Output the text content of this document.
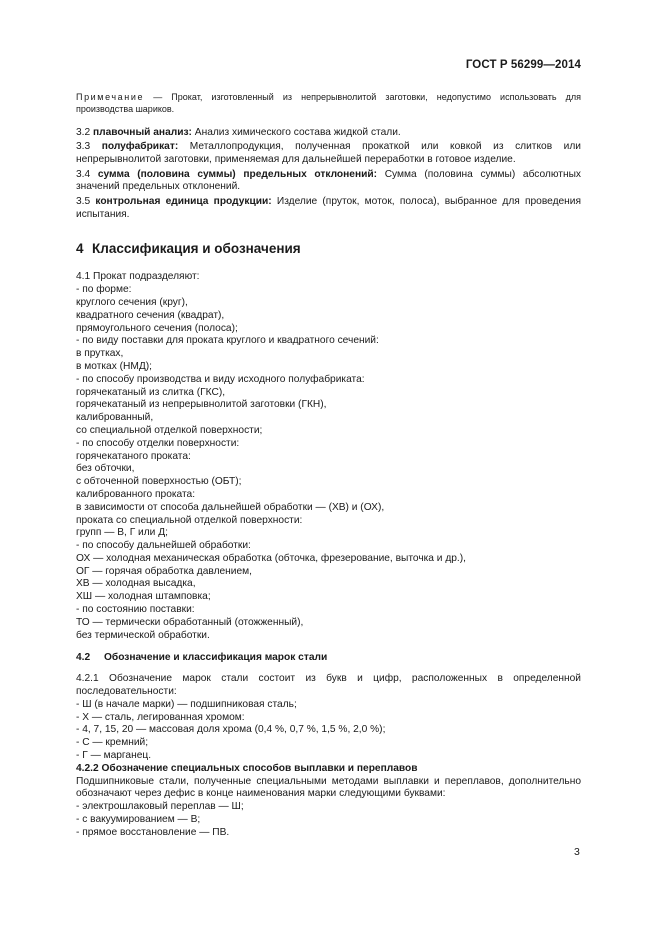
ГОСТ Р 56299—2014

Примечание — Прокат, изготовленный из непрерывнолитой заготовки, недопустимо использовать для производства шариков.

3.2 плавочный анализ: Анализ химического состава жидкой стали.

3.3 полуфабрикат: Металлопродукция, полученная прокаткой или ковкой из слитков или непрерывнолитой заготовки, применяемая для дальнейшей переработки в готовое изделие.

3.4 сумма (половина суммы) предельных отклонений: Сумма (половина суммы) абсолютных значений предельных отклонений.

3.5 контрольная единица продукции: Изделие (пруток, моток, полоса), выбранное для проведения испытания.

4 Классификация и обозначения
4.1 Прокат подразделяют:
- по форме:
круглого сечения (круг),
квадратного сечения (квадрат),
прямоугольного сечения (полоса);
- по виду поставки для проката круглого и квадратного сечений:
в прутках,
в мотках (НМД);
- по способу производства и виду исходного полуфабриката:
горячекатаный из слитка (ГКС),
горячекатаный из непрерывнолитой заготовки (ГКН),
калиброванный,
со специальной отделкой поверхности;
- по способу отделки поверхности:
горячекатаного проката:
без обточки,
с обточенной поверхностью (ОБТ);
калиброванного проката:
в зависимости от способа дальнейшей обработки — (ХВ) и (ОХ),
проката со специальной отделкой поверхности:
групп — В, Г или Д;
- по способу дальнейшей обработки:
ОХ — холодная механическая обработка (обточка, фрезерование, выточка и др.),
ОГ — горячая обработка давлением,
ХВ — холодная высадка,
ХШ — холодная штамповка;
- по состоянию поставки:
ТО — термически обработанный (отожженный),
без термической обработки.
4.2 Обозначение и классификация марок стали

4.2.1 Обозначение марок стали состоит из букв и цифр, расположенных в определенной последовательности:

- Ш (в начале марки) — подшипниковая сталь;
- Х — сталь, легированная хромом:
- 4, 7, 15, 20 — массовая доля хрома (0,4 %, 0,7 %, 1,5 %, 2,0 %);
- С — кремний;
- Г — марганец.
4.2.2 Обозначение специальных способов выплавки и переплавов

Подшипниковые стали, полученные специальными методами выплавки и переплавов, дополнительно обозначают через дефис в конце наименования марки следующими буквами:

- электрошлаковый переплав — Ш;
- с вакуумированием — В;
- прямое восстановление — ПВ.
3
